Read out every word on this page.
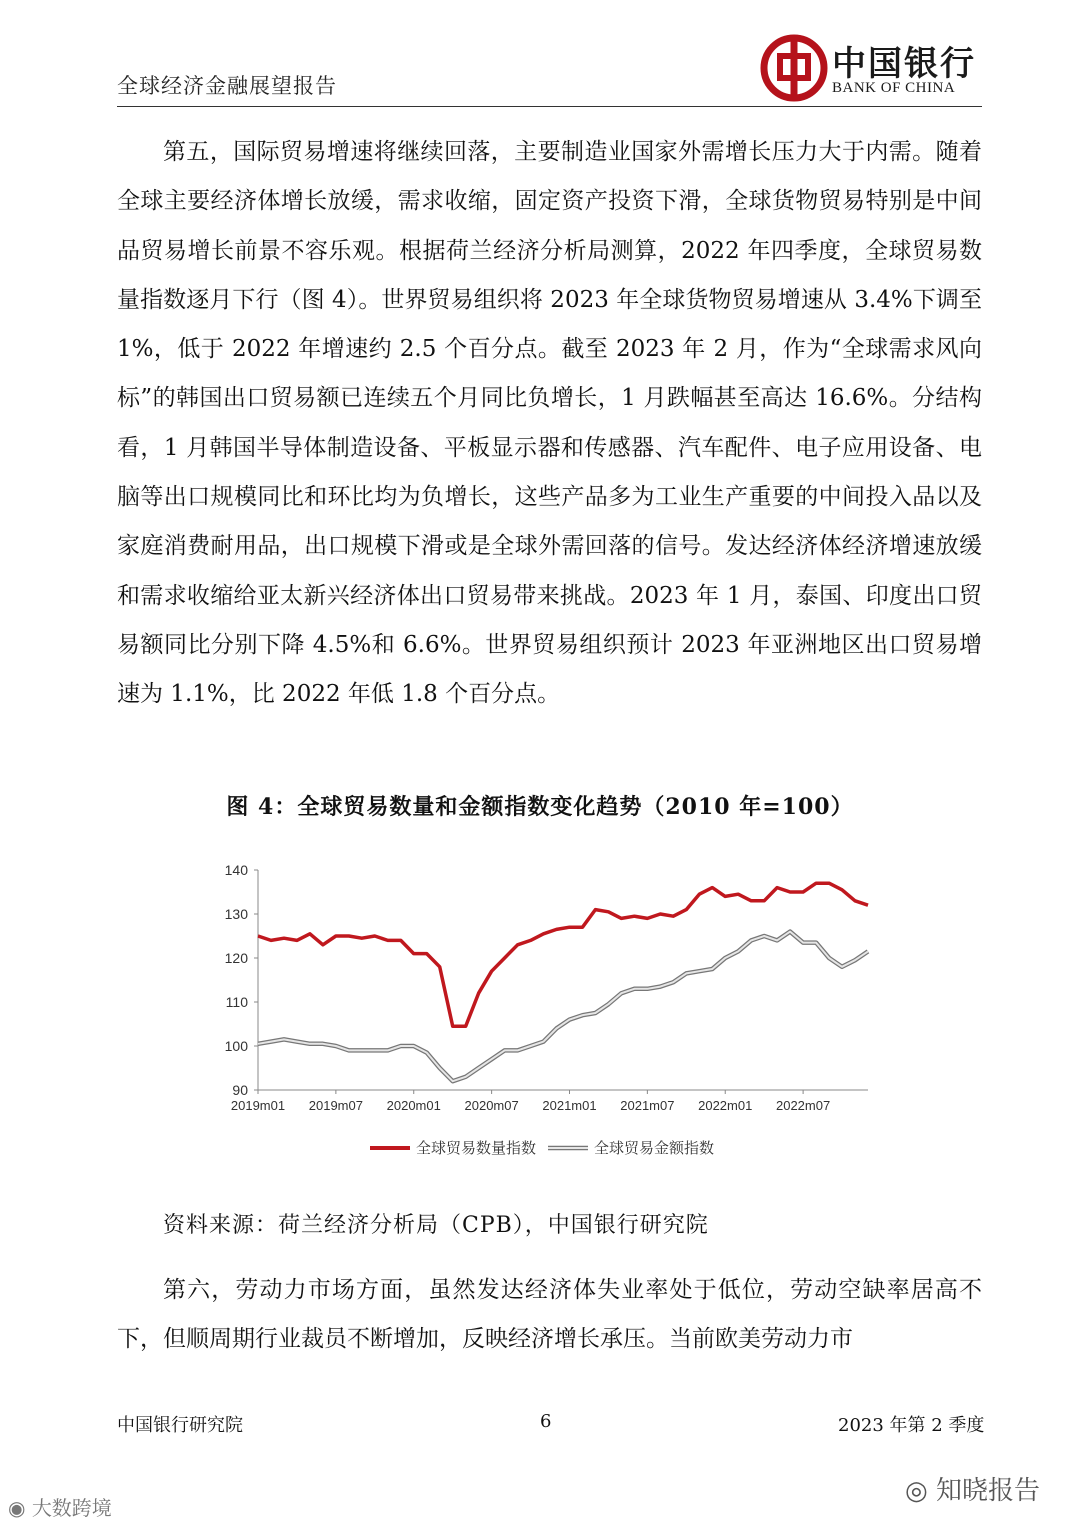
全球经济金融展望报告
中国银行
BANK OF CHINA

第五，国际贸易增速将继续回落，主要制造业国家外需增长压力大于内需。随着全球主要经济体增长放缓，需求收缩，固定资产投资下滑，全球货物贸易特别是中间品贸易增长前景不容乐观。根据荷兰经济分析局测算，2022 年四季度，全球贸易数量指数逐月下行（图 4）。世界贸易组织将 2023 年全球货物贸易增速从 3.4%下调至 1%，低于 2022 年增速约 2.5 个百分点。截至 2023 年 2 月，作为“全球需求风向标”的韩国出口贸易额已连续五个月同比负增长，1 月跌幅甚至高达 16.6%。分结构看，1 月韩国半导体制造设备、平板显示器和传感器、汽车配件、电子应用设备、电脑等出口规模同比和环比均为负增长，这些产品多为工业生产重要的中间投入品以及家庭消费耐用品，出口规模下滑或是全球外需回落的信号。发达经济体经济增速放缓和需求收缩给亚太新兴经济体出口贸易带来挑战。2023 年 1 月，泰国、印度出口贸易额同比分别下降 4.5%和 6.6%。世界贸易组织预计 2023 年亚洲地区出口贸易增速为 1.1%，比 2022 年低 1.8 个百分点。

图 4：全球贸易数量和金额指数变化趋势（2010 年=100）
90
100
110
120
130
140
2019m01 2019m07 2020m01 2020m07 2021m01 2021m07 2022m01 2022m07
全球贸易数量指数	全球贸易金额指数
资料来源：荷兰经济分析局（CPB），中国银行研究院

第六，劳动力市场方面，虽然发达经济体失业率处于低位，劳动空缺率居高不下，但顺周期行业裁员不断增加，反映经济增长承压。当前欧美劳动力市

中国银行研究院	6	2023 年第 2 季度
◎ 知晓报告
◉ 大数跨境
